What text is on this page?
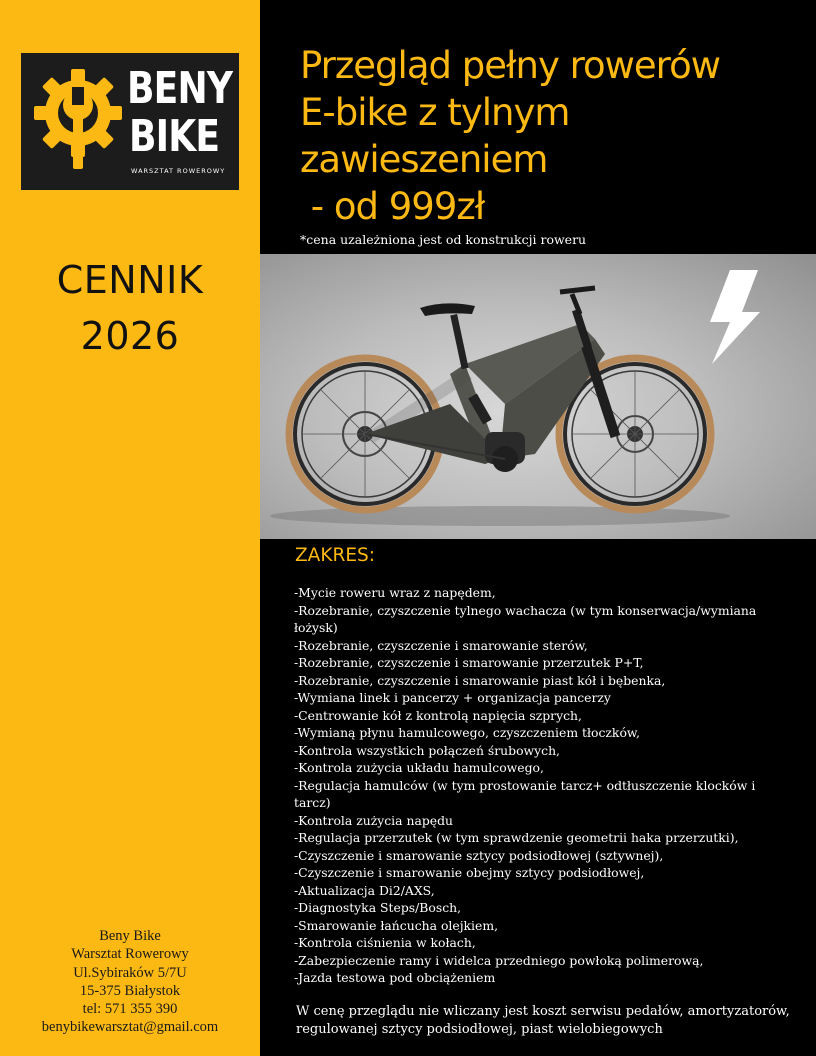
BENY
BIKE
WARSZTAT ROWEROWY
CENNIK
2026
Beny Bike
Warsztat Rowerowy
Ul.Sybiraków 5/7U
15-375 Białystok
tel: 571 355 390
benybikewarsztat@gmail.com
Przegląd pełny rowerów
E-bike z tylnym
zawieszeniem
- od 999zł
*cena uzależniona jest od konstrukcji roweru
ZAKRES:
-Mycie roweru wraz z napędem,
-Rozebranie, czyszczenie tylnego wachacza (w tym konserwacja/wymiana łożysk)
-Rozebranie, czyszczenie i smarowanie sterów,
-Rozebranie, czyszczenie i smarowanie przerzutek P+T,
-Rozebranie, czyszczenie i smarowanie piast kół i bębenka,
-Wymiana linek i pancerzy + organizacja pancerzy
-Centrowanie kół z kontrolą napięcia szprych,
-Wymianą płynu hamulcowego, czyszczeniem tłoczków,
-Kontrola wszystkich połączeń śrubowych,
-Kontrola zużycia układu hamulcowego,
-Regulacja hamulców (w tym prostowanie tarcz+ odtłuszczenie klocków i tarcz)
-Kontrola zużycia napędu
-Regulacja przerzutek (w tym sprawdzenie geometrii haka przerzutki),
-Czyszczenie i smarowanie sztycy podsiodłowej (sztywnej),
-Czyszczenie i smarowanie obejmy sztycy podsiodłowej,
-Aktualizacja Di2/AXS,
-Diagnostyka Steps/Bosch,
-Smarowanie łańcucha olejkiem,
-Kontrola ciśnienia w kołach,
-Zabezpieczenie ramy i widelca przedniego powłoką polimerową,
-Jazda testowa pod obciążeniem
W cenę przeglądu nie wliczany jest koszt serwisu pedałów, amortyzatorów, regulowanej sztycy podsiodłowej, piast wielobiegowych
